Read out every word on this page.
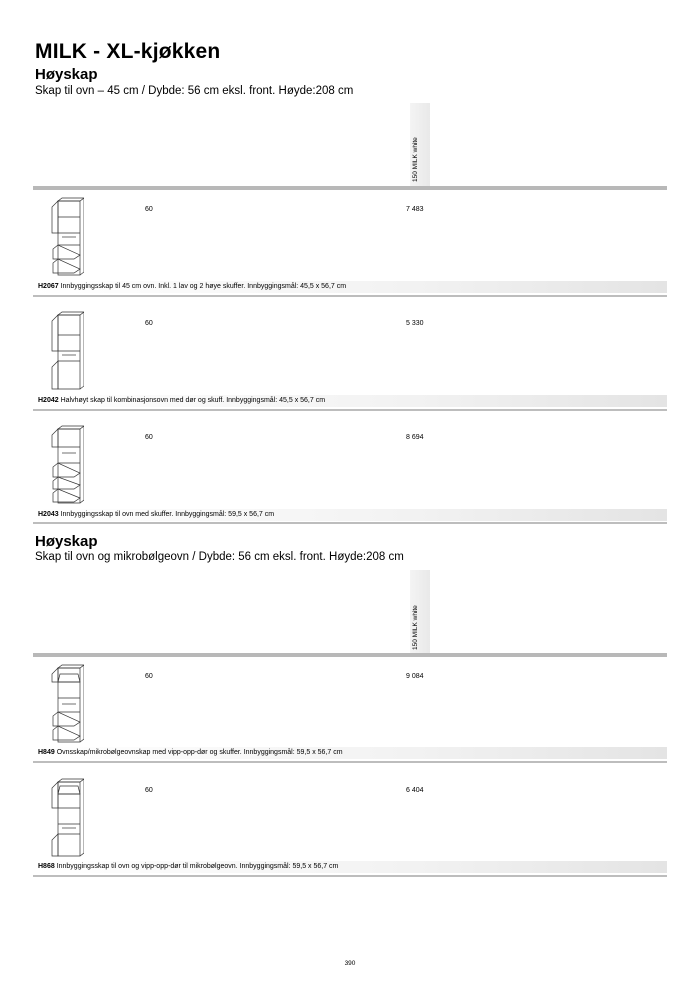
MILK - XL-kjøkken
Høyskap
Skap til ovn – 45 cm / Dybde: 56 cm eksl. front. Høyde:208 cm
150 MILK white
60	7 483
H2067 Innbyggingsskap til 45 cm ovn. Inkl. 1 lav og 2 høye skuffer. Innbyggingsmål: 45,5 x 56,7 cm
60	5 330
H2042 Halvhøyt skap til kombinasjonsovn med dør og skuff. Innbyggingsmål: 45,5 x 56,7 cm
60	8 694
H2043 Innbyggingsskap til ovn med skuffer. Innbyggingsmål: 59,5 x 56,7 cm
Høyskap
Skap til ovn og mikrobølgeovn / Dybde: 56 cm eksl. front. Høyde:208 cm
150 MILK white
60	9 084
H849 Ovnsskap/mikrobølgeovnskap med vipp-opp-dør og skuffer. Innbyggingsmål: 59,5 x 56,7 cm
60	6 404
H868 Innbyggingsskap til ovn og vipp-opp-dør til mikrobølgeovn. Innbyggingsmål: 59,5 x 56,7 cm
390
